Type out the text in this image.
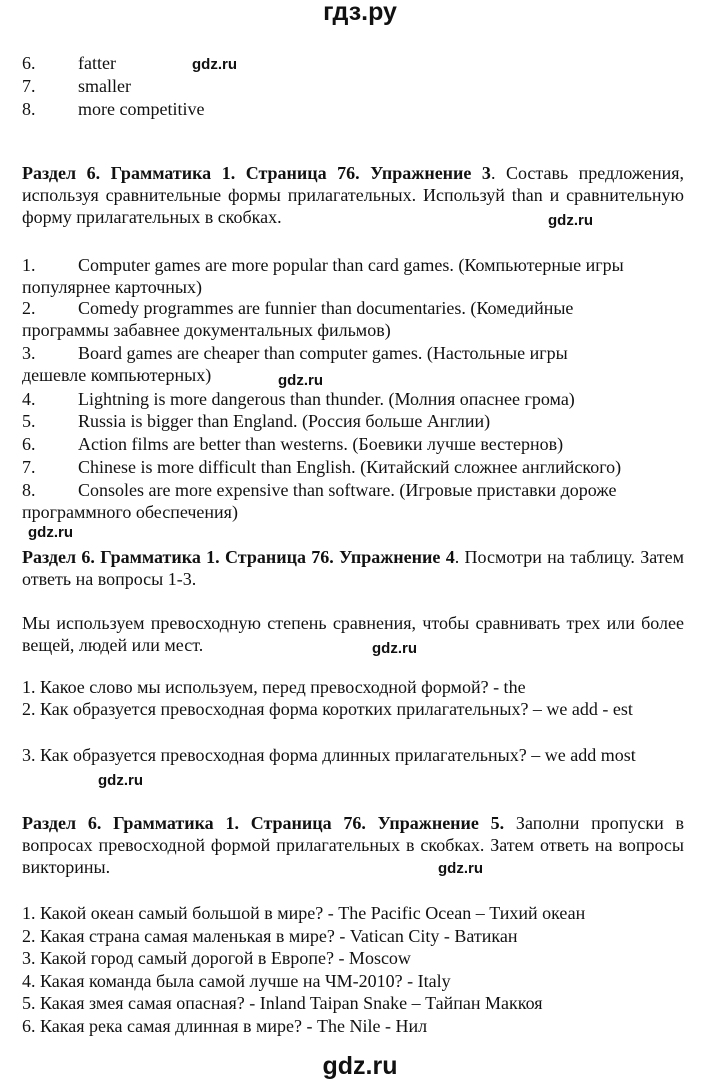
гдз.ру
6. fatter
7. smaller
8. more competitive
gdz.ru
Раздел 6. Грамматика 1. Страница 76. Упражнение 3. Составь предложения, используя сравнительные формы прилагательных. Используй than и сравнительную форму прилагательных в скобках.	gdz.ru
1. Computer games are more popular than card games. (Компьютерные игры
популярнее карточных)
2. Comedy programmes are funnier than documentaries. (Комедийные
программы забавнее документальных фильмов)
3. Board games are cheaper than computer games. (Настольные игры
дешевле компьютерных)	gdz.ru
4. Lightning is more dangerous than thunder. (Молния опаснее грома)
5. Russia is bigger than England. (Россия больше Англии)
6. Action films are better than westerns. (Боевики лучше вестернов)
7. Chinese is more difficult than English. (Китайский сложнее английского)
8. Consoles are more expensive than software. (Игровые приставки дороже
программного обеспечения)
gdz.ru
Раздел 6. Грамматика 1. Страница 76. Упражнение 4. Посмотри на таблицу. Затем ответь на вопросы 1-3.
Мы используем превосходную степень сравнения, чтобы сравнивать трех или более вещей, людей или мест.	gdz.ru
1. Какое слово мы используем, перед превосходной формой? - the
2. Как образуется превосходная форма коротких прилагательных? – we add - est
3. Как образуется превосходная форма длинных прилагательных? – we add most
gdz.ru
Раздел 6. Грамматика 1. Страница 76. Упражнение 5. Заполни пропуски в вопросах превосходной формой прилагательных в скобках. Затем ответь на вопросы викторины.	gdz.ru
1. Какой океан самый большой в мире? - The Pacific Ocean – Тихий океан
2. Какая страна самая маленькая в мире? - Vatican City - Ватикан
3. Какой город самый дорогой в Европе? - Moscow
4. Какая команда была самой лучше на ЧМ-2010? - Italy
5. Какая змея самая опасная? - Inland Taipan Snake – Тайпан Маккоя
6. Какая река самая длинная в мире? - The Nile - Нил
gdz.ru
